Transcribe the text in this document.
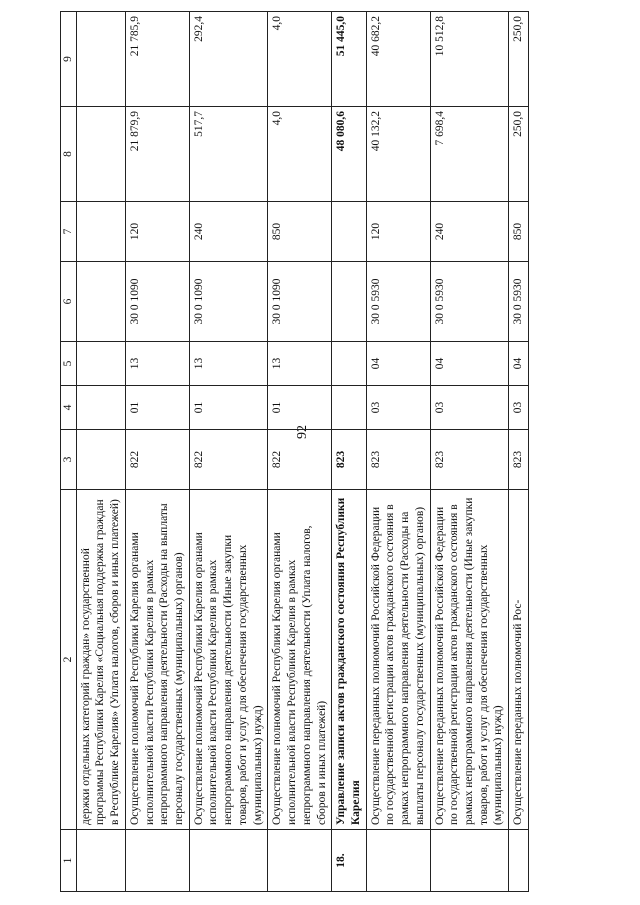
92
1	2	3	4	5	6	7	8	9
	держки отдельных категорий граждан» государственной программы Республики Карелия «Социальная поддержка граждан в Республике Карелия» (Уплата налогов, сборов и иных платежей)							
	Осуществление полномочий Республики Карелия органами исполнительной власти Республики Карелия в рамках непрограммного направления деятельности (Расходы на выплаты персоналу государственных (муниципальных) органов)	822	01	13	30 0 1090	120	21 879,9	21 785,9
	Осуществление полномочий Республики Карелия органами исполнительной власти Республики Карелия в рамках непрограммного направления деятельности (Иные закупки товаров, работ и услуг для обеспечения государственных (муниципальных) нужд)	822	01	13	30 0 1090	240	517,7	292,4
	Осуществление полномочий Республики Карелия органами исполнительной власти Республики Карелия в рамках непрограммного направления деятельности (Уплата налогов, сборов и иных платежей)	822	01	13	30 0 1090	850	4,0	4,0
18.	Управление записи актов гражданского состояния Республики Карелия	823					48 080,6	51 445,0
	Осуществление переданных полномочий Российской Федерации по государственной регистрации актов гражданского состояния в рамках непрограммного направления деятельности (Расходы на выплаты персоналу государственных (муниципальных) органов)	823	03	04	30 0 5930	120	40 132,2	40 682,2
	Осуществление переданных полномочий Российской Федерации по государственной регистрации актов гражданского состояния в рамках непрограммного направления деятельности (Иные закупки товаров, работ и услуг для обеспечения государственных (муниципальных) нужд)	823	03	04	30 0 5930	240	7 698,4	10 512,8
	Осуществление переданных полномочий Рос-	823	03	04	30 0 5930	850	250,0	250,0
